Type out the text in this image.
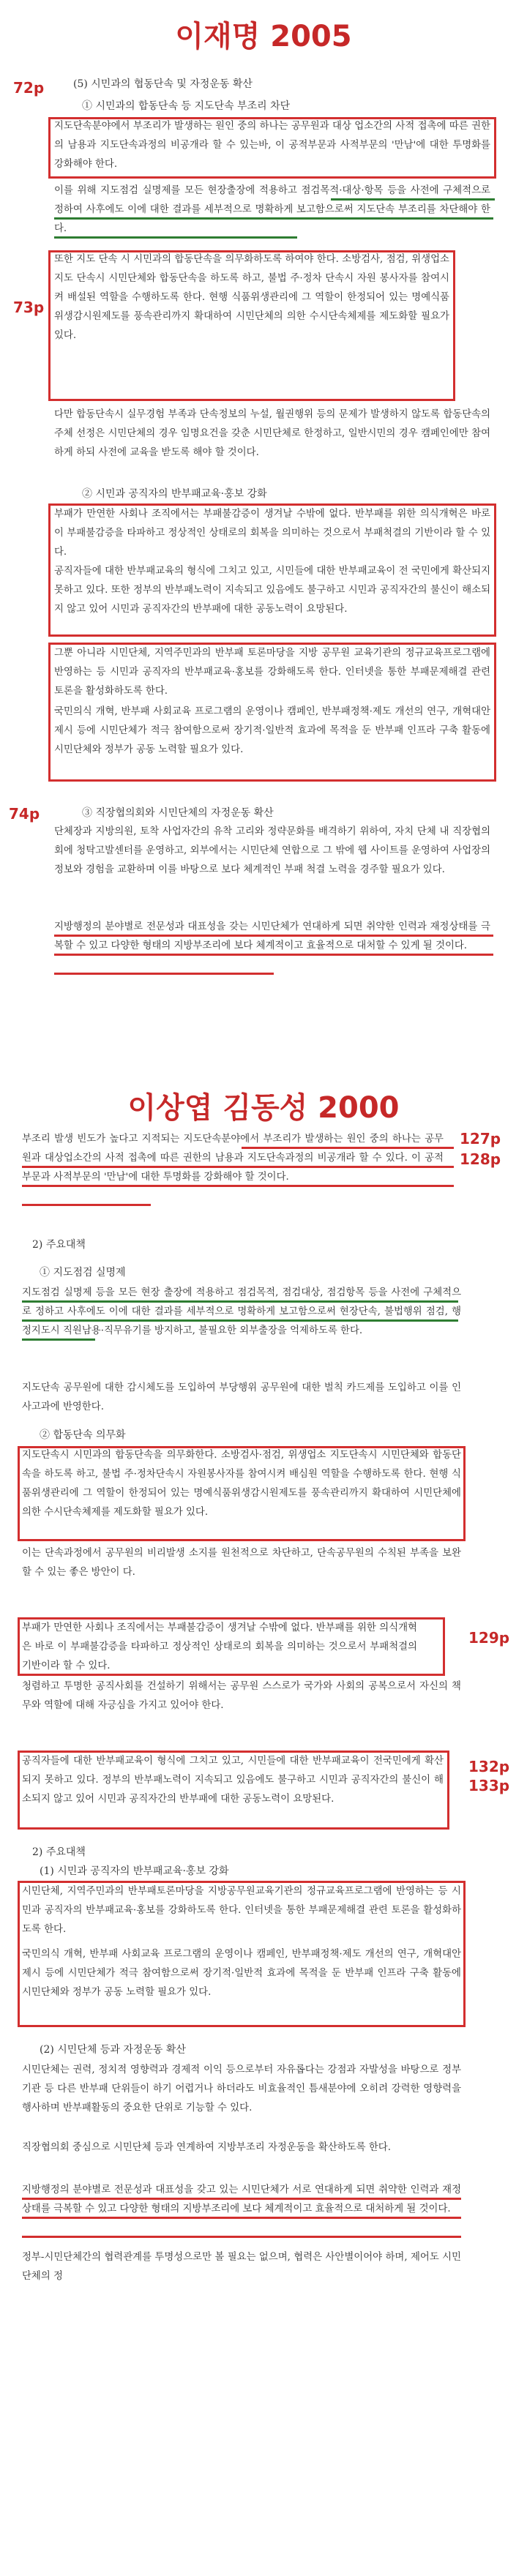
이재명 2005
72p	(5) 시민과의 협동단속 및 자정운동 확산
① 시민과의 합동단속 등 지도단속 부조리 차단

지도단속분야에서 부조리가 발생하는 원인 중의 하나는 공무원과 대상 업소간의 사적 접촉에 따른 권한의 남용과 지도단속과정의 비공개라 할 수 있는바, 이 공적부문과 사적부문의 '만남'에 대한 투명화를 강화해야 한다.

이를 위해 지도점검 실명제를 모든 현장출장에 적용하고 점검목적·대상·항목 등을 사전에 구체적으로 정하여 사후에도 이에 대한 결과를 세부적으로 명확하게 보고함으로써 지도단속 부조리를 차단해야 한다.

73p

또한 지도 단속 시 시민과의 합동단속을 의무화하도록 하여야 한다. 소방검사, 점검, 위생업소 지도 단속시 시민단체와 합동단속을 하도록 하고, 불법 주·정차 단속시 자원 봉사자를 참여시켜 배설된 역할을 수행하도록 한다. 현행 식품위생관리에 그 역할이 한정되어 있는 명예식품위생감시원제도를 풍속관리까지 확대하여 시민단체의 의한 수시단속체제를 제도화할 필요가 있다.

다만 합동단속시 실무경험 부족과 단속정보의 누설, 월권행위 등의 문제가 발생하지 않도록 합동단속의 주체 선정은 시민단체의 경우 임명요건을 갖춘 시민단체로 한정하고, 일반시민의 경우 캠페인에만 참여하게 하되 사전에 교육을 받도록 해야 할 것이다.

② 시민과 공직자의 반부패교육·홍보 강화

부패가 만연한 사회나 조직에서는 부패불감증이 생겨날 수밖에 없다. 반부패를 위한 의식개혁은 바로 이 부패불감증을 타파하고 정상적인 상태로의 회복을 의미하는 것으로서 부패척결의 기반이라 할 수 있다.

공직자들에 대한 반부패교육의 형식에 그치고 있고, 시민들에 대한 반부패교육이 전 국민에게 확산되지 못하고 있다. 또한 정부의 반부패노력이 지속되고 있음에도 불구하고 시민과 공직자간의 불신이 해소되지 않고 있어 시민과 공직자간의 반부패에 대한 공동노력이 요망된다.

그뿐 아니라 시민단체, 지역주민과의 반부패 토론마당을 지방 공무원 교육기관의 정규교육프로그램에 반영하는 등 시민과 공직자의 반부패교육·홍보를 강화해도록 한다. 인터넷을 통한 부패문제해결 관련 토론을 활성화하도록 한다.

국민의식 개혁, 반부패 사회교육 프로그램의 운영이나 캠페인, 반부패정책·제도 개선의 연구, 개혁대안 제시 등에 시민단체가 적극 참여함으로써 장기적·일반적 효과에 목적을 둔 반부패 인프라 구축 활동에 시민단체와 정부가 공동 노력할 필요가 있다.

74p	③ 직장협의회와 시민단체의 자정운동 확산

단체장과 지방의원, 토착 사업자간의 유착 고리와 정략문화를 배격하기 위하여, 자치 단체 내 직장협의회에 청탁고발센터를 운영하고, 외부에서는 시민단체 연합으로 그 밖에 웹 사이트를 운영하여 사업장의 정보와 경험을 교환하며 이를 바탕으로 보다 체계적인 부패 척결 노력을 경주할 필요가 있다.

지방행정의 분야별로 전문성과 대표성을 갖는 시민단체가 연대하게 되면 취약한 인력과 재정상태를 극복할 수 있고 다양한 형태의 지방부조리에 보다 체계적이고 효율적으로 대처할 수 있게 될 것이다.

이상엽 김동성 2000

부조리 발생 빈도가 높다고 지적되는 지도단속분야에서 부조리가 발생하는 원인 중의 하나는 공무원과 대상업소간의 사적 접촉에 따른 권한의 남용과 지도단속과정의 비공개라 할 수 있다. 이 공적부문과 사적부문의 '만남'에 대한 투명화를 강화해야 할 것이다.

127p
128p
2) 주요대책
① 지도점검 실명제

지도점검 실명제 등을 모든 현장 출장에 적용하고 점검목적, 점검대상, 점검항목 등을 사전에 구체적으로 정하고 사후에도 이에 대한 결과를 세부적으로 명확하게 보고함으로써 현장단속, 불법행위 점검, 행정지도시 직원남용·직무유기를 방지하고, 불필요한 외부출장을 억제하도록 한다.

지도단속 공무원에 대한 감시체도를 도입하여 부당행위 공무원에 대한 벌칙 카드제를 도입하고 이를 인사고과에 반영한다.

② 합동단속 의무화

지도단속시 시민과의 합동단속을 의무화한다. 소방검사·점검, 위생업소 지도단속시 시민단체와 합동단속을 하도록 하고, 불법 주·정차단속시 자원봉사자를 참여시켜 배심원 역할을 수행하도록 한다. 현행 식품위생관리에 그 역할이 한정되어 있는 명예식품위생감시원제도를 풍속관리까지 확대하여 시민단체에 의한 수시단속체제를 제도화할 필요가 있다.

이는 단속과정에서 공무원의 비리발생 소지를 원천적으로 차단하고, 단속공무원의 수칙된 부족을 보완할 수 있는 좋은 방안이 다.

부패가 만연한 사회나 조직에서는 부패불감증이 생겨날 수밖에 없다. 반부패를 위한 의식개혁은 바로 이 부패불감증을 타파하고 정상적인 상태로의 회복을 의미하는 것으로서 부패척결의 기반이라 할 수 있다.

129p

청렴하고 투명한 공직사회를 건설하기 위해서는 공무원 스스로가 국가와 사회의 공복으로서 자신의 책무와 역할에 대해 자긍심을 가지고 있어야 한다.

공직자들에 대한 반부패교육이 형식에 그치고 있고, 시민들에 대한 반부패교육이 전국민에게 확산되지 못하고 있다. 정부의 반부패노력이 지속되고 있음에도 불구하고 시민과 공직자간의 불신이 해소되지 않고 있어 시민과 공직자간의 반부패에 대한 공동노력이 요망된다.

132p
133p
2) 주요대책
(1) 시민과 공직자의 반부패교육·홍보 강화

시민단체, 지역주민과의 반부패토론마당을 지방공무원교육기관의 정규교육프로그램에 반영하는 등 시민과 공직자의 반부패교육·홍보를 강화하도록 한다. 인터넷을 통한 부패문제해결 관련 토론을 활성화하도록 한다.

국민의식 개혁, 반부패 사회교육 프로그램의 운영이나 캠페인, 반부패정책·제도 개선의 연구, 개혁대안 제시 등에 시민단체가 적극 참여함으로써 장기적·일반적 효과에 목적을 둔 반부패 인프라 구축 활동에 시민단체와 정부가 공동 노력할 필요가 있다.

(2) 시민단체 등과 자정운동 확산

시민단체는 권력, 정치적 영향력과 경제적 이익 등으로부터 자유롭다는 강점과 자발성을 바탕으로 정부기관 등 다른 반부패 단위들이 하기 어렵거나 하더라도 비효율적인 틈새분야에 오히려 강력한 영향력을 행사하며 반부패활동의 중요한 단위로 기능할 수 있다.

직장협의회 중심으로 시민단체 등과 연계하여 지방부조리 자정운동을 확산하도록 한다.

지방행정의 분야별로 전문성과 대표성을 갖고 있는 시민단체가 서로 연대하게 되면 취약한 인력과 재정상태를 극복할 수 있고 다양한 형태의 지방부조리에 보다 체계적이고 효율적으로 대처하게 될 것이다.

정부-시민단체간의 협력관계를 투명성으로만 볼 필요는 없으며, 협력은 사안별이어야 하며, 제어도 시민단체의 정
